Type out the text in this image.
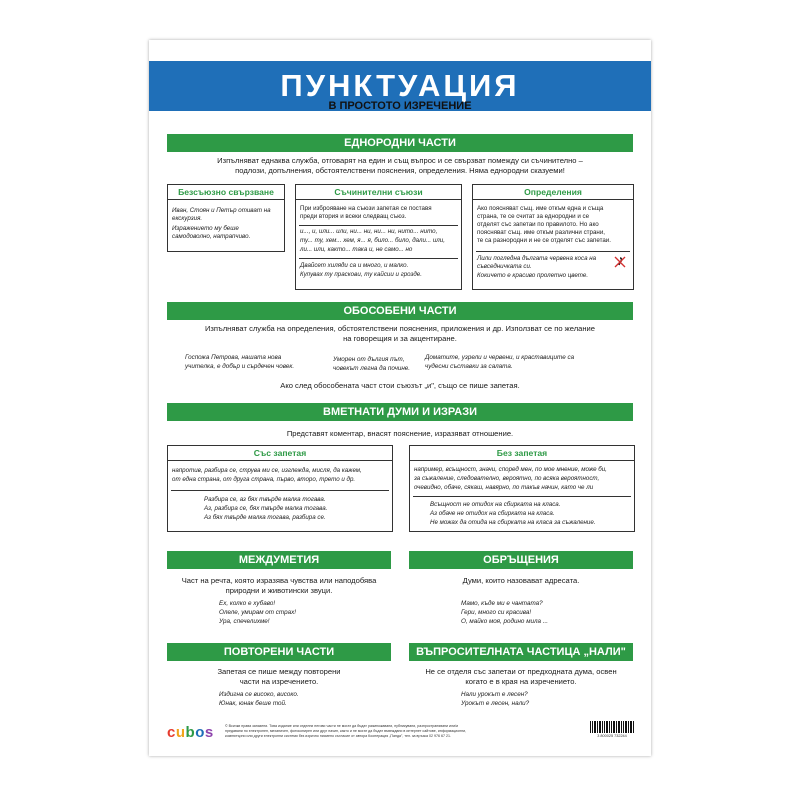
ПУНКТУАЦИЯ
В ПРОСТОТО ИЗРЕЧЕНИЕ
ЕДНОРОДНИ ЧАСТИ
Изпълняват еднаква служба, отговарят на един и същ въпрос и се свързват помежду си съчинително –
подлози, допълнения, обстоятелствени пояснения, определения. Няма еднородни сказуеми!
Безсъюзно свързване
Иван, Стоян и Петър отиват на
екскурзия.
Изражението му беше
самодоволно, натрапчиво.
Съчинителни съюзи
При изброяване на съюзи запетая се поставя
преди втория и всеки следващ съюз.
и..., и, или... или, ни... ни, ни... ни, нито... нито,
ту... ту, хем... хем, я... я, било... било, дали... или,
ли... или, както... така и, не само... но
Двайсет хиляди са и много, и малко.
Купувах ту праскови, ту кайсии и грозде.
Определения
Ако поясняват същ. име откъм една и съща
страна, те се считат за еднородни и се
отделят със запетаи по правилото. Но ако
поясняват същ. име откъм различни страни,
те са разнородни и не се отделят със запетаи.
Лили погледна дългата червена коса на
съвседничката си.
Кокичето е красиво пролетно цвете.
ОБОСОБЕНИ ЧАСТИ
Изпълняват служба на определения, обстоятелствени пояснения, приложения и др. Използват се по желание
на говорещия и за акцентиране.
Госпожа Петрова, нашата нова
учителка, е добър и сърдечен човек.
Уморен от дългия път,
човекът легна да почине.
Доматите, узрели и червени, и краставиците са
чудесни съставки за салата.
Ако след обособената част стои съюзът „и", също се пише запетая.
ВМЕТНАТИ ДУМИ И ИЗРАЗИ
Представят коментар, внасят пояснение, изразяват отношение.
Със запетая
напротив, разбира се, струва ми се, изглежда, мисля, да кажем,
от една страна, от друга страна, първо, второ, трето и др.
Разбира се, аз бях твърде малка тогава.
Аз, разбира се, бях твърде малка тогава.
Аз бях твърде малка тогава, разбира се.
Без запетая
например, всъщност, значи, според мен, по мое мнение, може би,
за съжаление, следователно, вероятно, по всяка вероятност,
очевидно, обаче, сякаш, навярно, по такъв начин, като че ли
Всъщност не отидох на сбирката на класа.
Аз обаче не отидох на сбирката на класа.
Не можах да отида на сбирката на класа за съжаление.
МЕЖДУМЕТИЯ
Част на речта, която изразява чувства или наподобява
природни и животински звуци.
Ех, колко е хубаво!
Олеле, умирам от страх!
Ура, спечелихме!
ОБРЪЩЕНИЯ
Думи, които назовават адресата.
Мамо, къде ми е чантата?
Гери, много си красива!
О, майко моя, родино мила ...
ПОВТОРЕНИ ЧАСТИ
Запетая се пише между повторени
части на изречението.
Издигна се високо, високо.
Юнак, юнак беше той.
ВЪПРОСИТЕЛНАТА ЧАСТИЦА „НАЛИ"
Не се отделя със запетаи от предходната дума, освен
когато е в края на изречението.
Нали урокът е лесен?
Урокът е лесен, нали?
cubos	© Всички права запазени. Това издание или отделни негови части не могат да бъдат размножавани, публикувани, разпространявани или/и
предавани по електронен, механичен, фотокопирен или друг начин, както и не могат да бъдат въвеждани в интернет сайтове, информационни,
компютърни или други електронни системи без изрично писмено съгласие от автора Кооперация „Панда", тел. за връзка 02 976 67 21.	3 800025 732244
